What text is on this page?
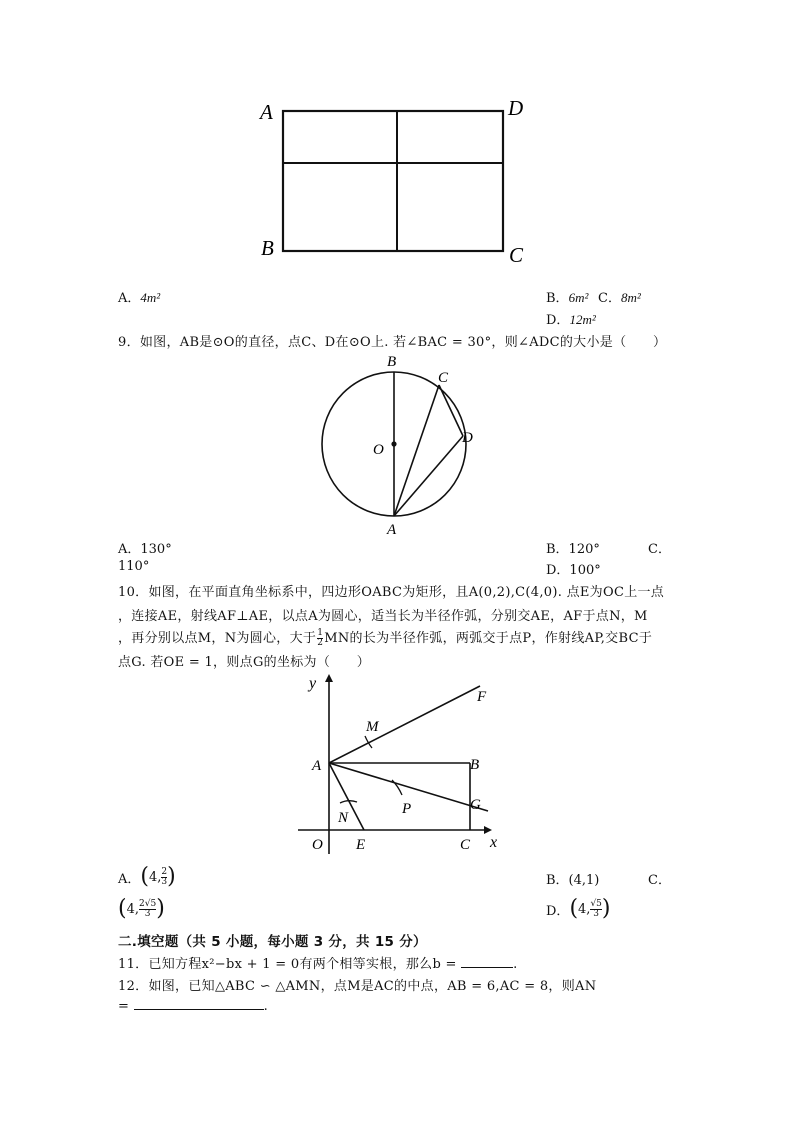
A	D
B	C
A．4m²	B．6m² C．8m²
D．12m²
9．如图，AB是⊙O的直径，点C、D在⊙O上. 若∠BAC = 30°，则∠ADC的大小是（　　）
B
C
O
D
A
A．130°	B．120°	C．
110°	D．100°
10．如图，在平面直角坐标系中，四边形OABC为矩形，且A(0,2),C(4,0). 点E为OC上一点
，连接AE，射线AF⊥AE，以点A为圆心，适当长为半径作弧，分别交AE，AF于点N，M
，再分别以点M，N为圆心，大于 $\frac{1}{2}$ MN的长为半径作弧，两弧交于点P，作射线AP,交BC于
点G. 若OE = 1，则点G的坐标为（　　）
y
F
M
A	B
P	G
N
O E	C x
A． ( 4, $\frac{2}{3}$ )	B．(4,1)	C．
( 4, $\frac{2√5}{3}$ )	D． ( 4, $\frac{√5}{3}$ )
二.填空题（共 5 小题，每小题 3 分，共 15 分）
11．已知方程x²−bx + 1 = 0有两个相等实根，那么b =	.
12．如图，已知△ABC ∽ △AMN，点M是AC的中点，AB = 6,AC = 8，则AN
=	.
